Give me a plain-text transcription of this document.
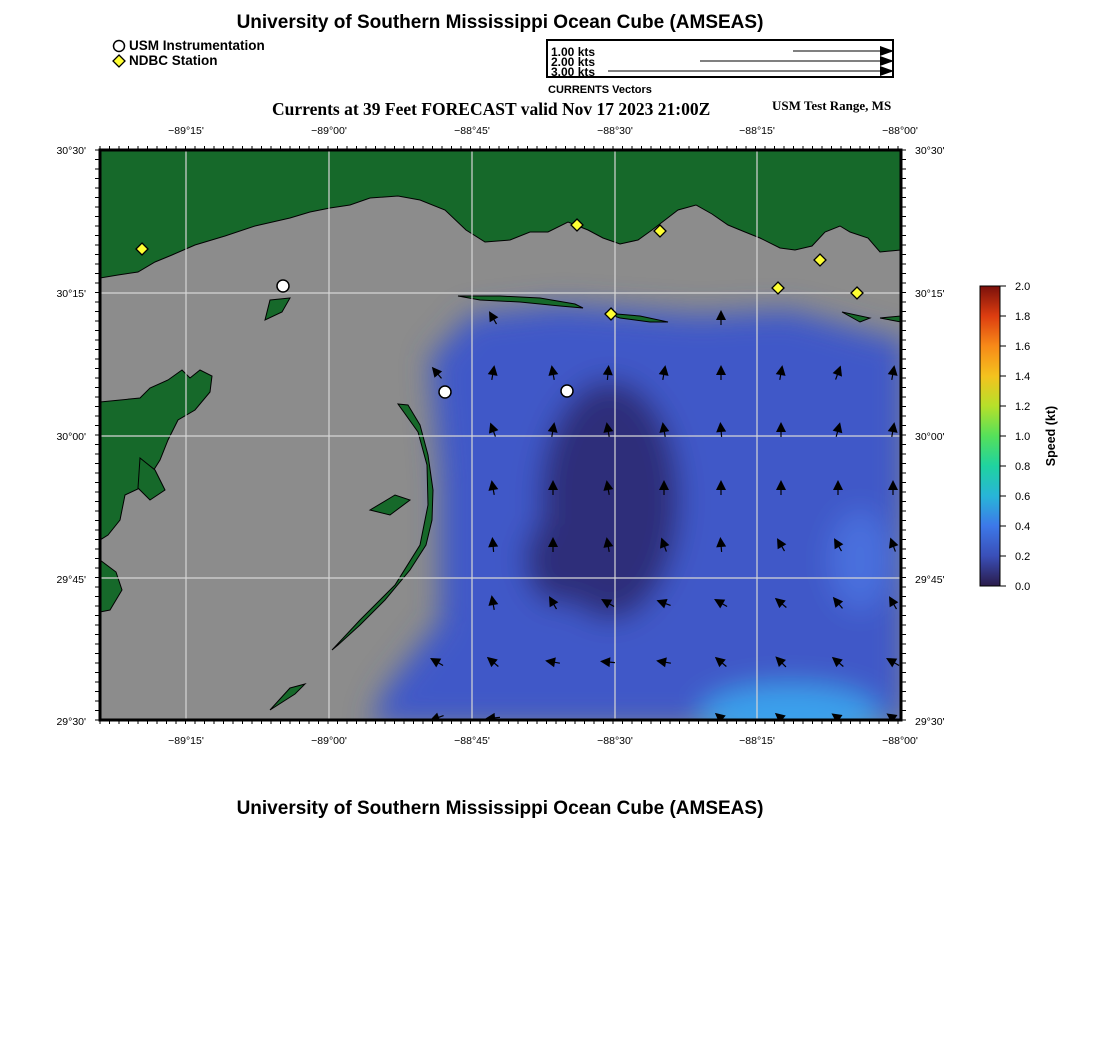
University of Southern Mississippi Ocean Cube (AMSEAS)
USM Instrumentation
NDBC Station
1.00 kts
2.00 kts
3.00 kts
CURRENTS Vectors
Currents at 39 Feet FORECAST valid Nov 17 2023 21:00Z	USM Test Range, MS
−89°15'	−89°00'	−88°45'	−88°30'	−88°15'	−88°00'
−89°15'	−89°00'	−88°45'	−88°30'	−88°15'	−88°00'
30°30'
30°15'
30°00'
29°45'
29°30'
30°30'
30°15'
30°00'
29°45'
29°30'
2.0
1.8
1.6
1.4
1.2
1.0
0.8
0.6
0.4
0.2
0.0
Speed (kt)
University of Southern Mississippi Ocean Cube (AMSEAS)
